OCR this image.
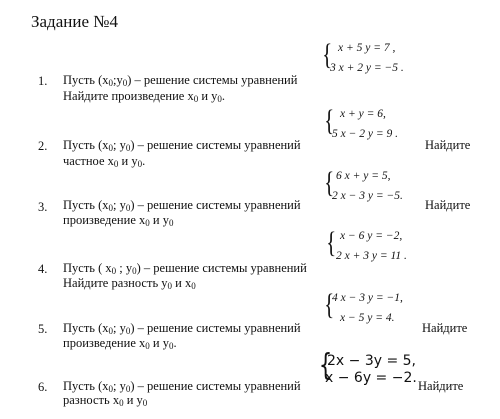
Задание №4
1. Пусть $(x_0;y_0)$ – решение системы уравнений
Найдите произведение $x_0$ и $y_0$.
{ x + 5 y = 7 ,
3 x + 2 y = −5 .
2. Пусть ($x_0$; $y_0$) – решение системы уравнений
частное $x_0$ и $y_0$.
Найдите
{ x + y = 6,
5 x − 2 y = 9 .
3. Пусть ($x_0$; $y_0$) – решение системы уравнений
произведение $x_0$ и $y_0$
Найдите
{ 6 x + y = 5,
2 x − 3 y = −5.
4. Пусть ( $x_0$ ; $y_0$) – решение системы уравнений
Найдите разность $y_0$ и $x_0$
{ x − 6 y = −2,
2 x + 3 y = 11 .
5. Пусть ($x_0$; $y_0$) – решение системы уравнений
произведение $x_0$ и $y_0$.
Найдите
{
4 x − 3 y = −1,
x − 5 y = 4.
6. Пусть ($x_0$; $y_0$) – решение системы уравнений
разность $x_0$ и $y_0$
Найдите
{
2x − 3y = 5,
x − 6y = −2.
